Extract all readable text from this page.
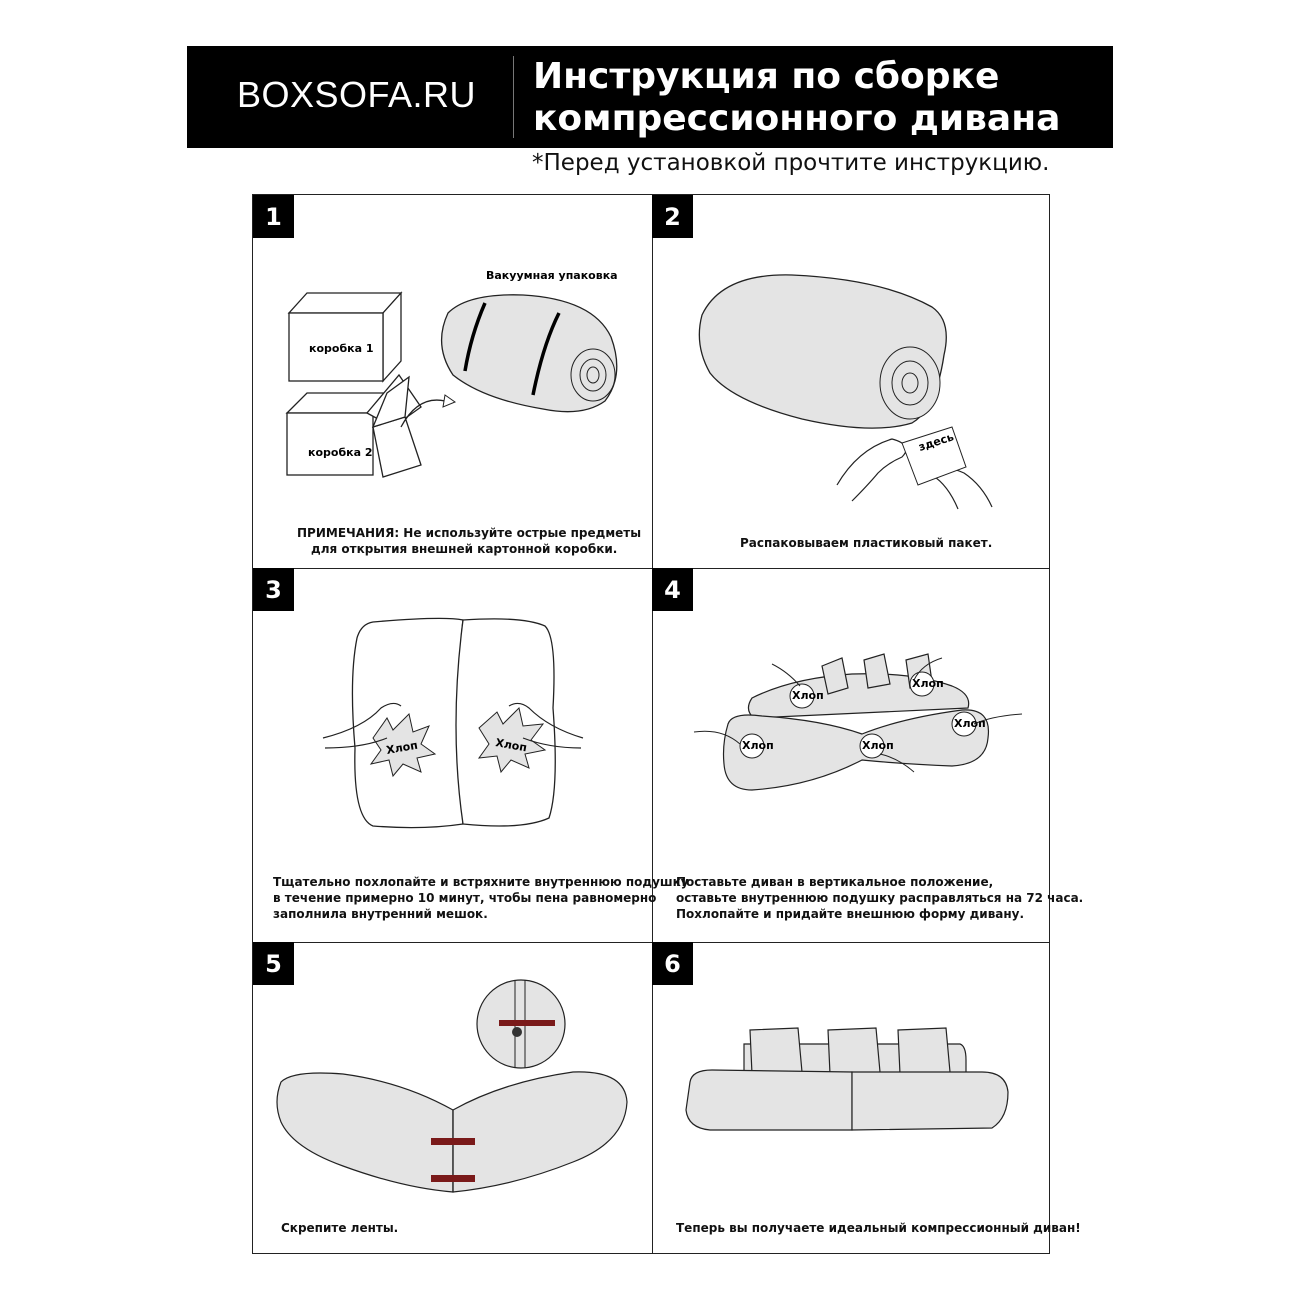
BOXSOFA.RU Инструкция по сборке
компрессионного дивана
*Перед установкой прочтите инструкцию.
1
Вакуумная упаковка
коробка 1
коробка 2
ПРИМЕЧАНИЯ: Не используйте острые предметы
для открытия внешней картонной коробки.
2
здесь
Распаковываем пластиковый пакет.
3
Хлоп	Хлоп
Тщательно похлопайте и встряхните внутреннюю подушку
в течение примерно 10 минут, чтобы пена равномерно
заполнила внутренний мешок.
4
Хлоп
Хлоп
Хлоп	Хлоп
Хлоп
Поставьте диван в вертикальное положение,
оставьте внутреннюю подушку расправляться на 72 часа.
Похлопайте и придайте внешнюю форму дивану.
5
Скрепите ленты.
6
Теперь вы получаете идеальный компрессионный диван!
